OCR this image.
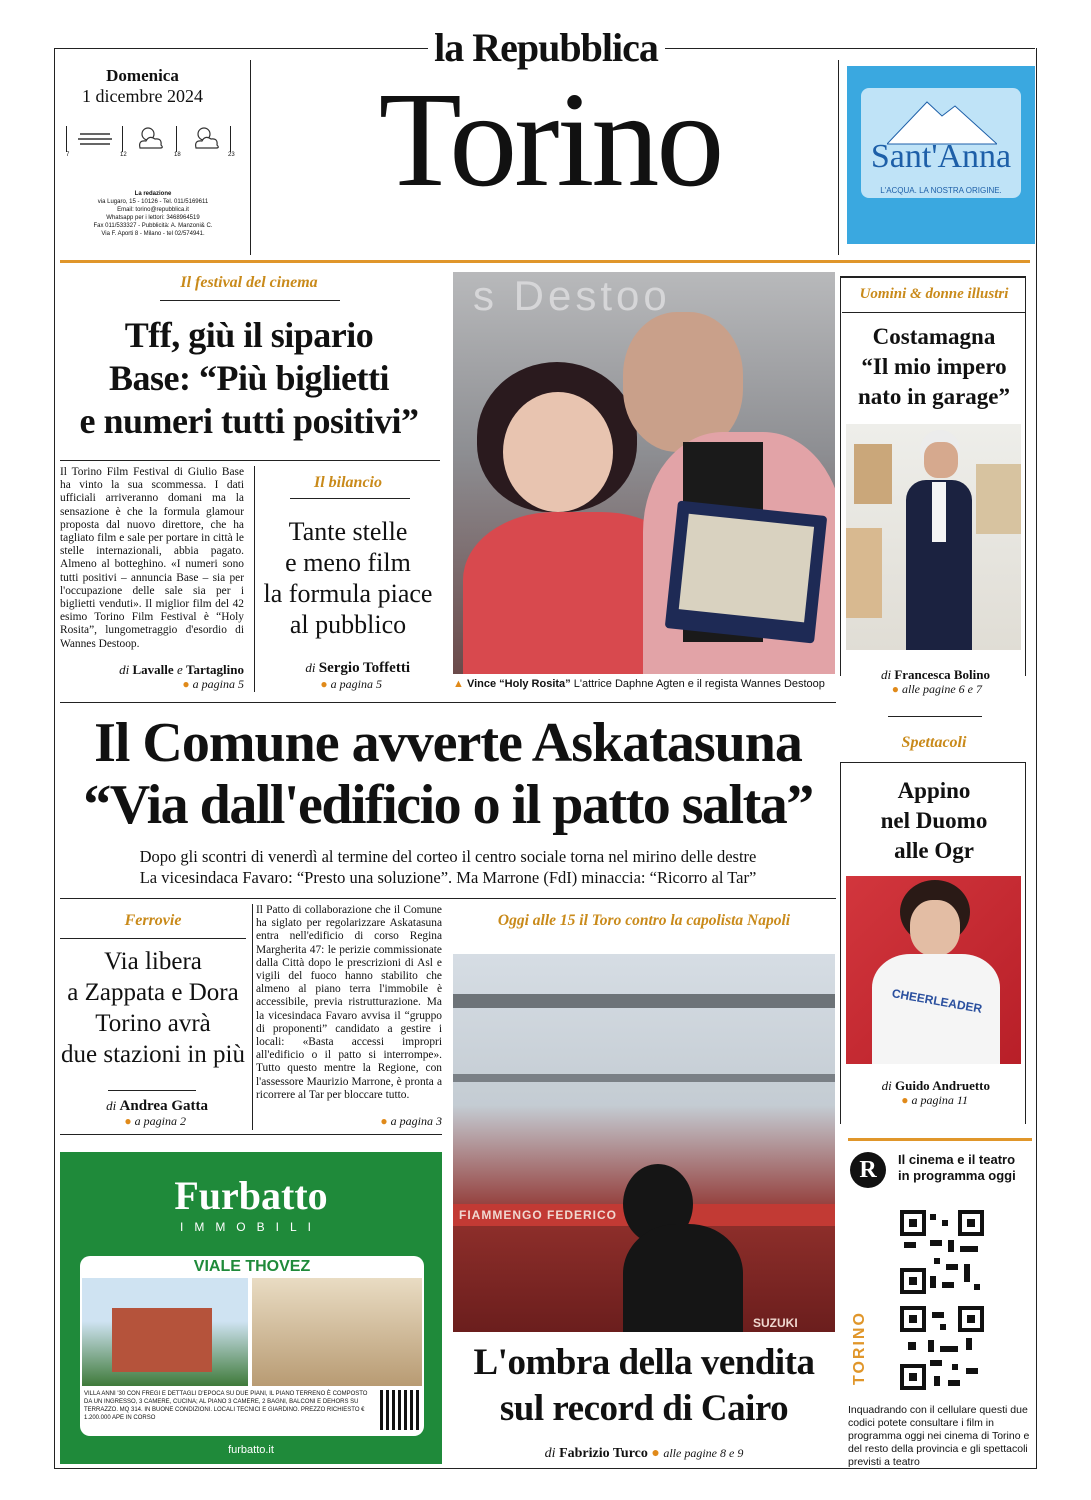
la Repubblica
Torino
Domenica
1 dicembre 2024
7	12	18	23
La redazione
via Lugaro, 15 - 10126 - Tel. 011/5169611
Email: torino@repubblica.it
Whatsapp per i lettori: 3468964519
Fax 011/533327 - Pubblicità: A. Manzoni& C.
Via F. Aporti 8 - Milano - tel 02/574941.
Sant'Anna
L'ACQUA. LA NOSTRA ORIGINE.
Il festival del cinema
Tff, giù il sipario
Base: “Più biglietti
e numeri tutti positivi”
Il Torino Film Festival di Giulio Base ha vinto la sua scommessa. I dati ufficiali arriveranno domani ma la sensazione è che la formula glamour proposta dal nuovo direttore, che ha tagliato film e sale per portare in città le stelle internazionali, abbia pagato. Almeno al botteghino. «I numeri sono tutti positivi – annuncia Base – sia per l'occupazione delle sale sia per i biglietti venduti». Il miglior film del 42 esimo Torino Film Festival è “Holy Rosita”, lungometraggio d'esordio di Wannes Destoop.
di Lavalle e Tartaglino
● a pagina 5
Il bilancio
Tante stelle
e meno film
la formula piace
al pubblico
di Sergio Toffetti
● a pagina 5
s Destoo
▲ Vince “Holy Rosita” L'attrice Daphne Agten e il regista Wannes Destoop
Uomini & donne illustri
Costamagna
“Il mio impero
nato in garage”
di Francesca Bolino
● alle pagine 6 e 7
Spettacoli
Appino
nel Duomo
alle Ogr
CHEERLEADER
di Guido Andruetto
● a pagina 11
Il Comune avverte Askatasuna
“Via dall'edificio o il patto salta”
Dopo gli scontri di venerdì al termine del corteo il centro sociale torna nel mirino delle destre
La vicesindaca Favaro: “Presto una soluzione”. Ma Marrone (FdI) minaccia: “Ricorro al Tar”
Ferrovie
Via libera
a Zappata e Dora
Torino avrà
due stazioni in più
di Andrea Gatta
● a pagina 2
Il Patto di collaborazione che il Comune ha siglato per regolarizzare Askatasuna entra nell'edificio di corso Regina Margherita 47: le perizie commissionate dalla Città dopo le prescrizioni di Asl e vigili del fuoco hanno stabilito che almeno al piano terra l'immobile è accessibile, previa ristrutturazione. Ma la vicesindaca Favaro avvisa il “gruppo di proponenti” candidato a gestire i locali: «Basta accessi impropri all'edificio o il patto si interrompe». Tutto questo mentre la Regione, con l'assessore Maurizio Marrone, è pronta a ricorrere al Tar per bloccare tutto.
● a pagina 3
Oggi alle 15 il Toro contro la capolista Napoli
FIAMMENGO FEDERICO
SUZUKI
L'ombra della vendita
sul record di Cairo
di Fabrizio Turco ● alle pagine 8 e 9
Furbatto
IMMOBILI
VIALE THOVEZ
VILLA ANNI '30 CON FREGI E DETTAGLI D'EPOCA SU DUE PIANI, IL PIANO TERRENO È COMPOSTO DA UN INGRESSO, 3 CAMERE, CUCINA; AL PIANO 3 CAMERE, 2 BAGNI, BALCONI E DEHORS SU TERRAZZO. MQ 314. IN BUONE CONDIZIONI. LOCALI TECNICI E GIARDINO. PREZZO RICHIESTO € 1.200.000 APE IN CORSO
furbatto.it
R	Il cinema e il teatro
in programma oggi
TORINO
Inquadrando con il cellulare questi due codici potete consultare i film in programma oggi nei cinema di Torino e del resto della provincia e gli spettacoli previsti a teatro
